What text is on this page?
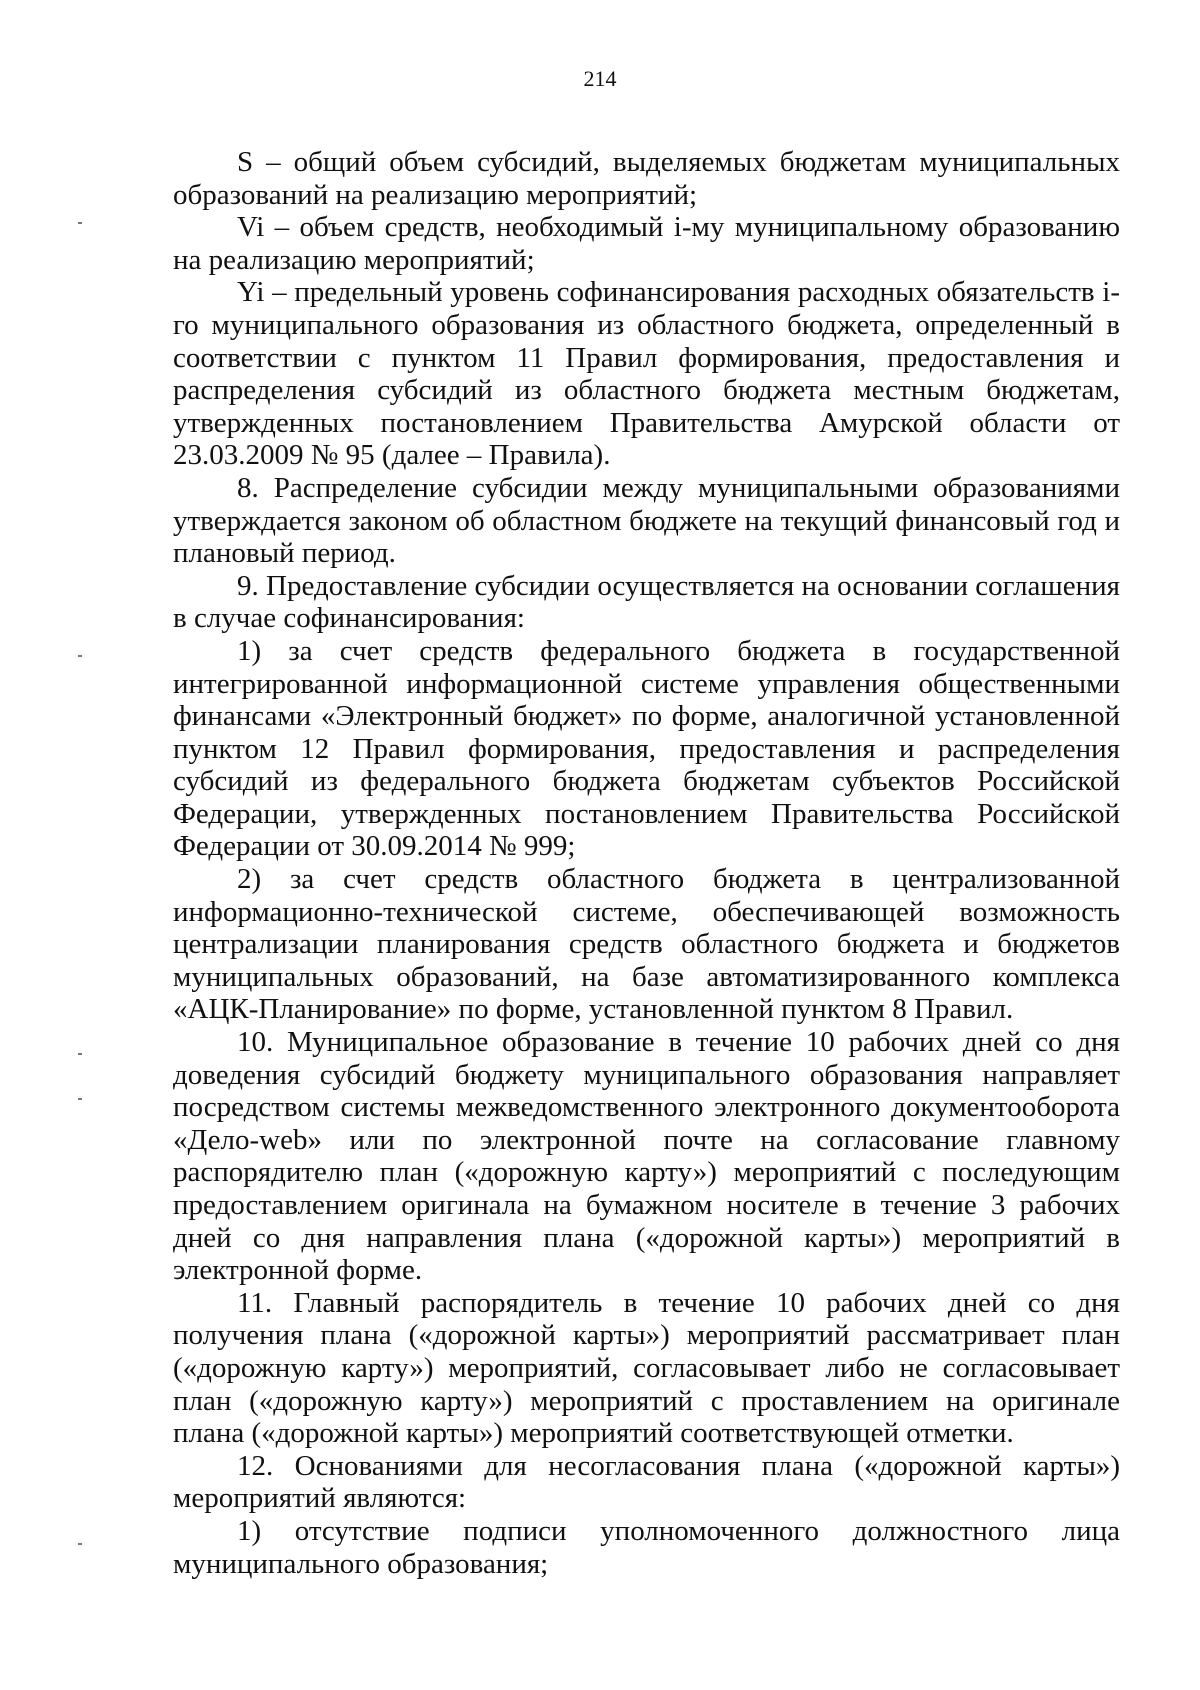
214

S – общий объем субсидий, выделяемых бюджетам муниципальных образований на реализацию мероприятий;

Vi – объем средств, необходимый i-му муниципальному образованию на реализацию мероприятий;

Yi – предельный уровень софинансирования расходных обязательств i-го муниципального образования из областного бюджета, определенный в соответствии с пунктом 11 Правил формирования, предоставления и распределения субсидий из областного бюджета местным бюджетам, утвержденных постановлением Правительства Амурской области от 23.03.2009 № 95 (далее – Правила).

8. Распределение субсидии между муниципальными образованиями утверждается законом об областном бюджете на текущий финансовый год и плановый период.

9. Предоставление субсидии осуществляется на основании соглашения в случае софинансирования:

1) за счет средств федерального бюджета в государственной интегрированной информационной системе управления общественными финансами «Электронный бюджет» по форме, аналогичной установленной пунктом 12 Правил формирования, предоставления и распределения субсидий из федерального бюджета бюджетам субъектов Российской Федерации, утвержденных постановлением Правительства Российской Федерации от 30.09.2014 № 999;

2) за счет средств областного бюджета в централизованной информационно-технической системе, обеспечивающей возможность централизации планирования средств областного бюджета и бюджетов муниципальных образований, на базе автоматизированного комплекса «АЦК-Планирование» по форме, установленной пунктом 8 Правил.

10. Муниципальное образование в течение 10 рабочих дней со дня доведения субсидий бюджету муниципального образования направляет посредством системы межведомственного электронного документооборота «Дело-web» или по электронной почте на согласование главному распорядителю план («дорожную карту») мероприятий с последующим предоставлением оригинала на бумажном носителе в течение 3 рабочих дней со дня направления плана («дорожной карты») мероприятий в электронной форме.

11. Главный распорядитель в течение 10 рабочих дней со дня получения плана («дорожной карты») мероприятий рассматривает план («дорожную карту») мероприятий, согласовывает либо не согласовывает план («дорожную карту») мероприятий с проставлением на оригинале плана («дорожной карты») мероприятий соответствующей отметки.

12. Основаниями для несогласования плана («дорожной карты») мероприятий являются:

1) отсутствие подписи уполномоченного должностного лица муниципального образования;
